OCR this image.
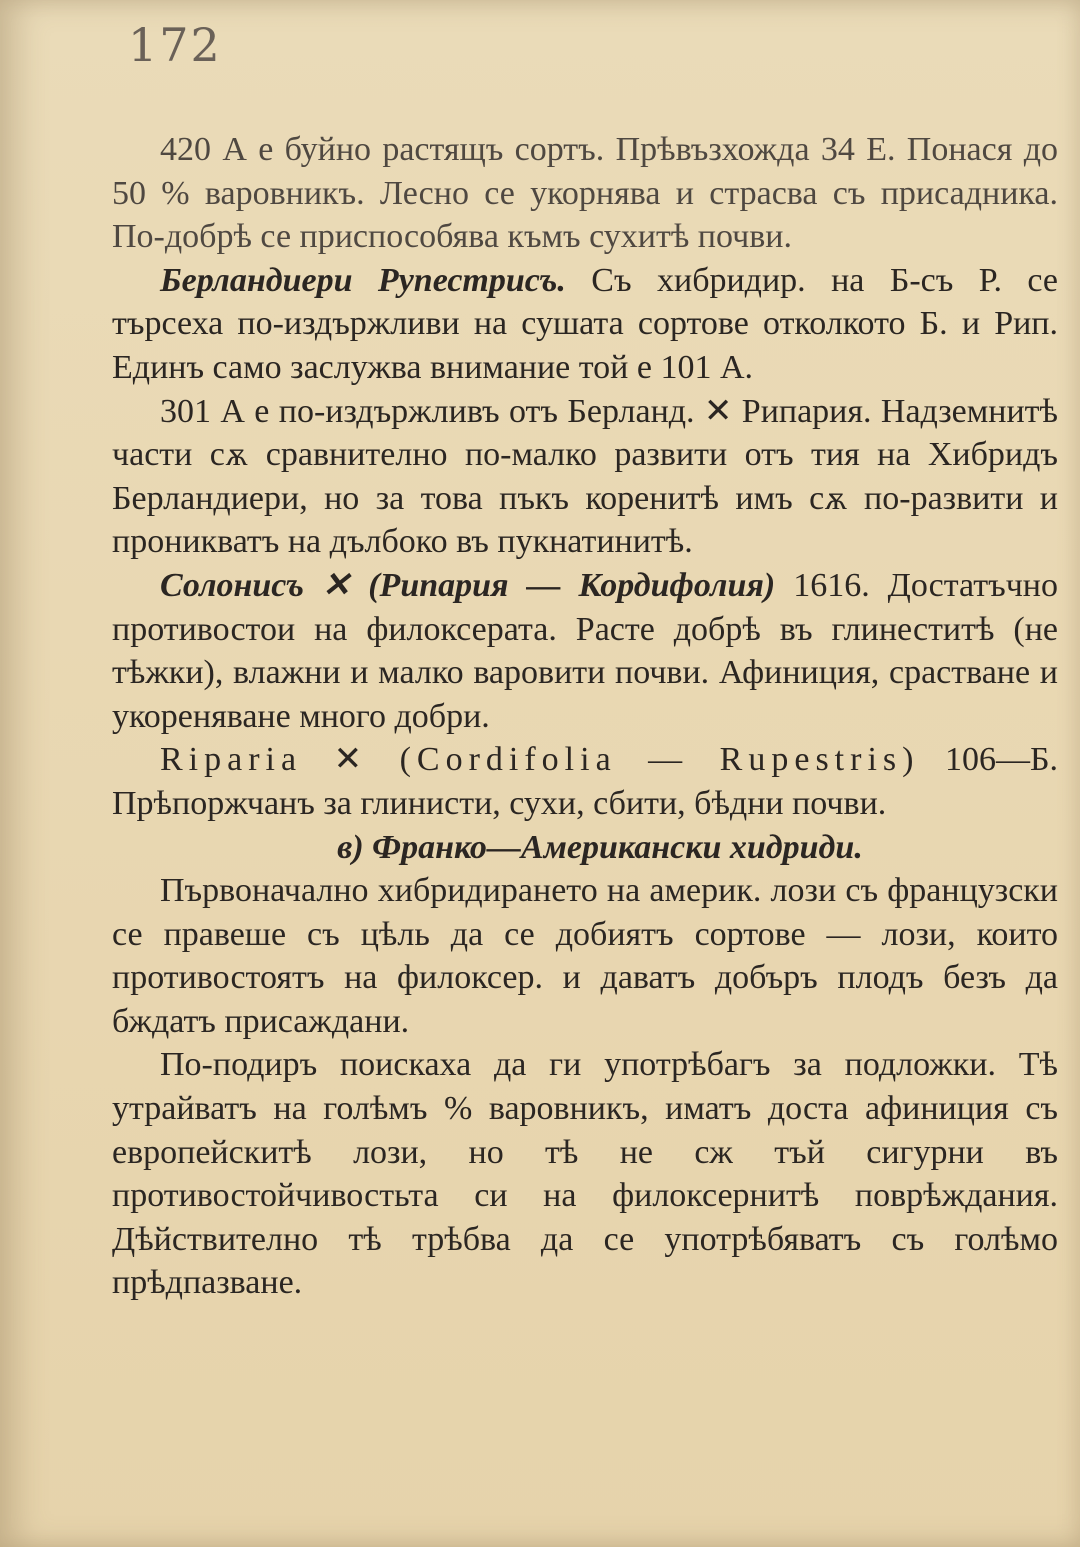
172

420 А е буйно растящъ сортъ. Прѣвъзхожда 34 Е. Понася до 50 % варовникъ. Лесно се укорнява и страсва съ присадника. По-добрѣ се приспособява къмъ сухитѣ почви.

Берландиери Рупестрисъ. Съ хибридир. на Б-съ Р. се търсеха по-издържливи на сушата сортове отколкото Б. и Рип. Единъ само заслужва внимание той е 101 А.

301 А е по-издържливъ отъ Берланд. ✕ Рипария. Надземнитѣ части сѫ сравнително по-малко развити отъ тия на Хибридъ Берландиери, но за това пъкъ коренитѣ имъ сѫ по-развити и проникватъ на дълбоко въ пукнатинитѣ.

Солонисъ ✕ (Рипария — Кордифолия) 1616. Достатъчно противостои на филоксерата. Расте добрѣ въ глинеститѣ (не тѣжки), влажни и малко варовити почви. Афиниция, срастване и укореняване много добри.

Riparia ✕ (Cordifolia — Rupestris) 106—Б. Прѣпоржчанъ за глинисти, сухи, сбити, бѣдни почви.

в) Франко—Американски хидриди.

Първоначално хибридирането на америк. лози съ французски се правеше съ цѣль да се добиятъ сортове — лози, които противостоятъ на филоксер. и даватъ добъръ плодъ безъ да бждатъ присаждани.

По-подиръ поискаха да ги употрѣбагъ за подложки. Тѣ утрайватъ на голѣмъ % варовникъ, иматъ доста афиниция съ европейскитѣ лози, но тѣ не сж тъй сигурни въ противостойчивостьта си на филоксернитѣ поврѣждания. Дѣйствително тѣ трѣбва да се употрѣбяватъ съ голѣмо прѣдпазване.
